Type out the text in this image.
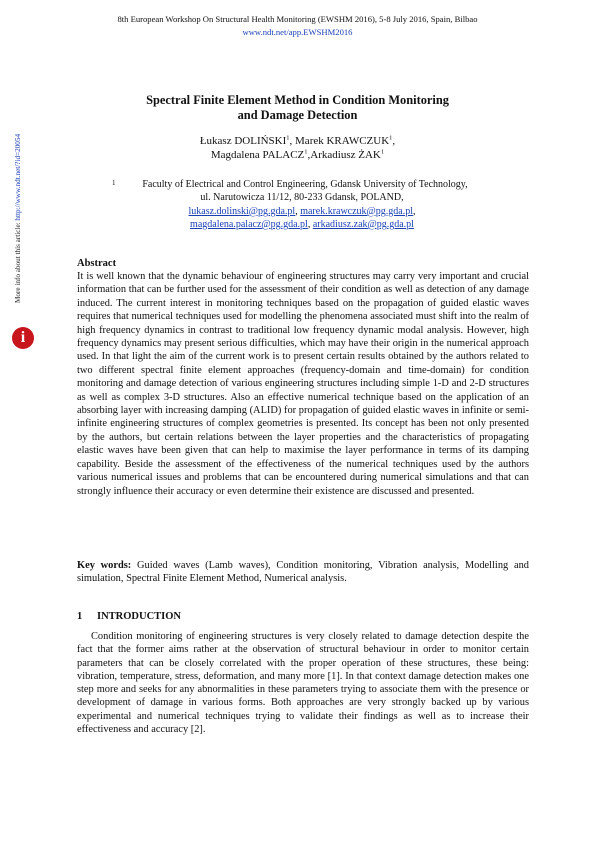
8th European Workshop On Structural Health Monitoring (EWSHM 2016), 5-8 July 2016, Spain, Bilbao
www.ndt.net/app.EWSHM2016
More info about this article: http://www.ndt.net/?id=20054
i
Spectral Finite Element Method in Condition Monitoring
and Damage Detection
Łukasz DOLIŃSKI$^1$, Marek KRAWCZUK$^1$,
Magdalena PALACZ$^1$,Arkadiusz ŻAK$^1$
1	Faculty of Electrical and Control Engineering, Gdansk University of Technology,
ul. Narutowicza 11/12, 80-233 Gdansk, POLAND,
lukasz.dolinski@pg.gda.pl, marek.krawczuk@pg.gda.pl,
magdalena.palacz@pg.gda.pl, arkadiusz.zak@pg.gda.pl
Abstract

It is well known that the dynamic behaviour of engineering structures may carry very important and crucial information that can be further used for the assessment of their condition as well as detection of any damage induced. The current interest in monitoring techniques based on the propagation of guided elastic waves requires that numerical techniques used for modelling the phenomena associated must shift into the realm of high frequency dynamics in contrast to traditional low frequency dynamic modal analysis. However, high frequency dynamics may present serious difficulties, which may have their origin in the numerical approach used. In that light the aim of the current work is to present certain results obtained by the authors related to two different spectral finite element approaches (frequency-domain and time-domain) for condition monitoring and damage detection of various engineering structures including simple 1-D and 2-D structures as well as complex 3-D structures. Also an effective numerical technique based on the application of an absorbing layer with increasing damping (ALID) for propagation of guided elastic waves in infinite or semi-infinite engineering structures of complex geometries is presented. Its concept has been not only presented by the authors, but certain relations between the layer properties and the characteristics of propagating elastic waves have been given that can help to maximise the layer performance in terms of its damping capability. Beside the assessment of the effectiveness of the numerical techniques used by the authors various numerical issues and problems that can be encountered during numerical simulations and that can strongly influence their accuracy or even determine their existence are discussed and presented.

Key words: Guided waves (Lamb waves), Condition monitoring, Vibration analysis, Modelling and simulation, Spectral Finite Element Method, Numerical analysis.

1 INTRODUCTION

Condition monitoring of engineering structures is very closely related to damage detection despite the fact that the former aims rather at the observation of structural behaviour in order to monitor certain parameters that can be closely correlated with the proper operation of these structures, these being: vibration, temperature, stress, deformation, and many more [1]. In that context damage detection makes one step more and seeks for any abnormalities in these parameters trying to associate them with the presence or development of damage in various forms. Both approaches are very strongly backed up by various experimental and numerical techniques trying to validate their findings as well as to increase their effectiveness and accuracy [2].
